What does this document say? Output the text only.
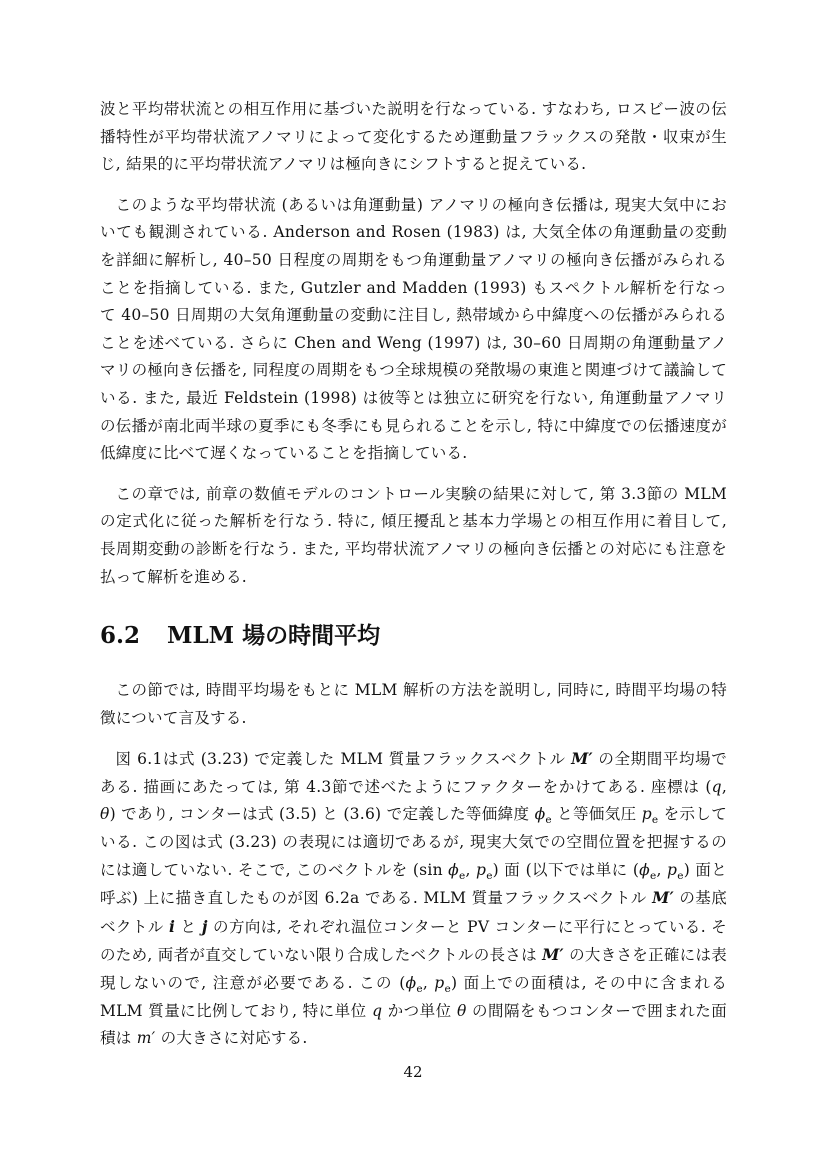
波と平均帯状流との相互作用に基づいた説明を行なっている. すなわち, ロスビー波の伝播特性が平均帯状流アノマリによって変化するため運動量フラックスの発散・収束が生じ, 結果的に平均帯状流アノマリは極向きにシフトすると捉えている.

このような平均帯状流 (あるいは角運動量) アノマリの極向き伝播は, 現実大気中においても観測されている. Anderson and Rosen (1983) は, 大気全体の角運動量の変動を詳細に解析し, 40–50 日程度の周期をもつ角運動量アノマリの極向き伝播がみられることを指摘している. また, Gutzler and Madden (1993) もスペクトル解析を行なって 40–50 日周期の大気角運動量の変動に注目し, 熱帯域から中緯度への伝播がみられることを述べている. さらに Chen and Weng (1997) は, 30–60 日周期の角運動量アノマリの極向き伝播を, 同程度の周期をもつ全球規模の発散場の東進と関連づけて議論している. また, 最近 Feldstein (1998) は彼等とは独立に研究を行ない, 角運動量アノマリの伝播が南北両半球の夏季にも冬季にも見られることを示し, 特に中緯度での伝播速度が低緯度に比べて遅くなっていることを指摘している.

この章では, 前章の数値モデルのコントロール実験の結果に対して, 第 3.3節の MLM の定式化に従った解析を行なう. 特に, 傾圧擾乱と基本力学場との相互作用に着目して, 長周期変動の診断を行なう. また, 平均帯状流アノマリの極向き伝播との対応にも注意を払って解析を進める.

6.2 MLM 場の時間平均

この節では, 時間平均場をもとに MLM 解析の方法を説明し, 同時に, 時間平均場の特徴について言及する.

図 6.1は式 (3.23) で定義した MLM 質量フラックスベクトル M′ の全期間平均場である. 描画にあたっては, 第 4.3節で述べたようにファクターをかけてある. 座標は (q, θ) であり, コンターは式 (3.5) と (3.6) で定義した等価緯度 $\phi_e$ と等価気圧 $p_e$ を示している. この図は式 (3.23) の表現には適切であるが, 現実大気での空間位置を把握するのには適していない. そこで, このベクトルを (sin $\phi_e$, $p_e$) 面 (以下では単に ($\phi_e$, $p_e$) 面と呼ぶ) 上に描き直したものが図 6.2a である. MLM 質量フラックスベクトル M′ の基底ベクトル i と j の方向は, それぞれ温位コンターと PV コンターに平行にとっている. そのため, 両者が直交していない限り合成したベクトルの長さは M′ の大きさを正確には表現しないので, 注意が必要である. この ($\phi_e$, $p_e$) 面上での面積は, その中に含まれる MLM 質量に比例しており, 特に単位 q かつ単位 θ の間隔をもつコンターで囲まれた面積は m′ の大きさに対応する.

42
